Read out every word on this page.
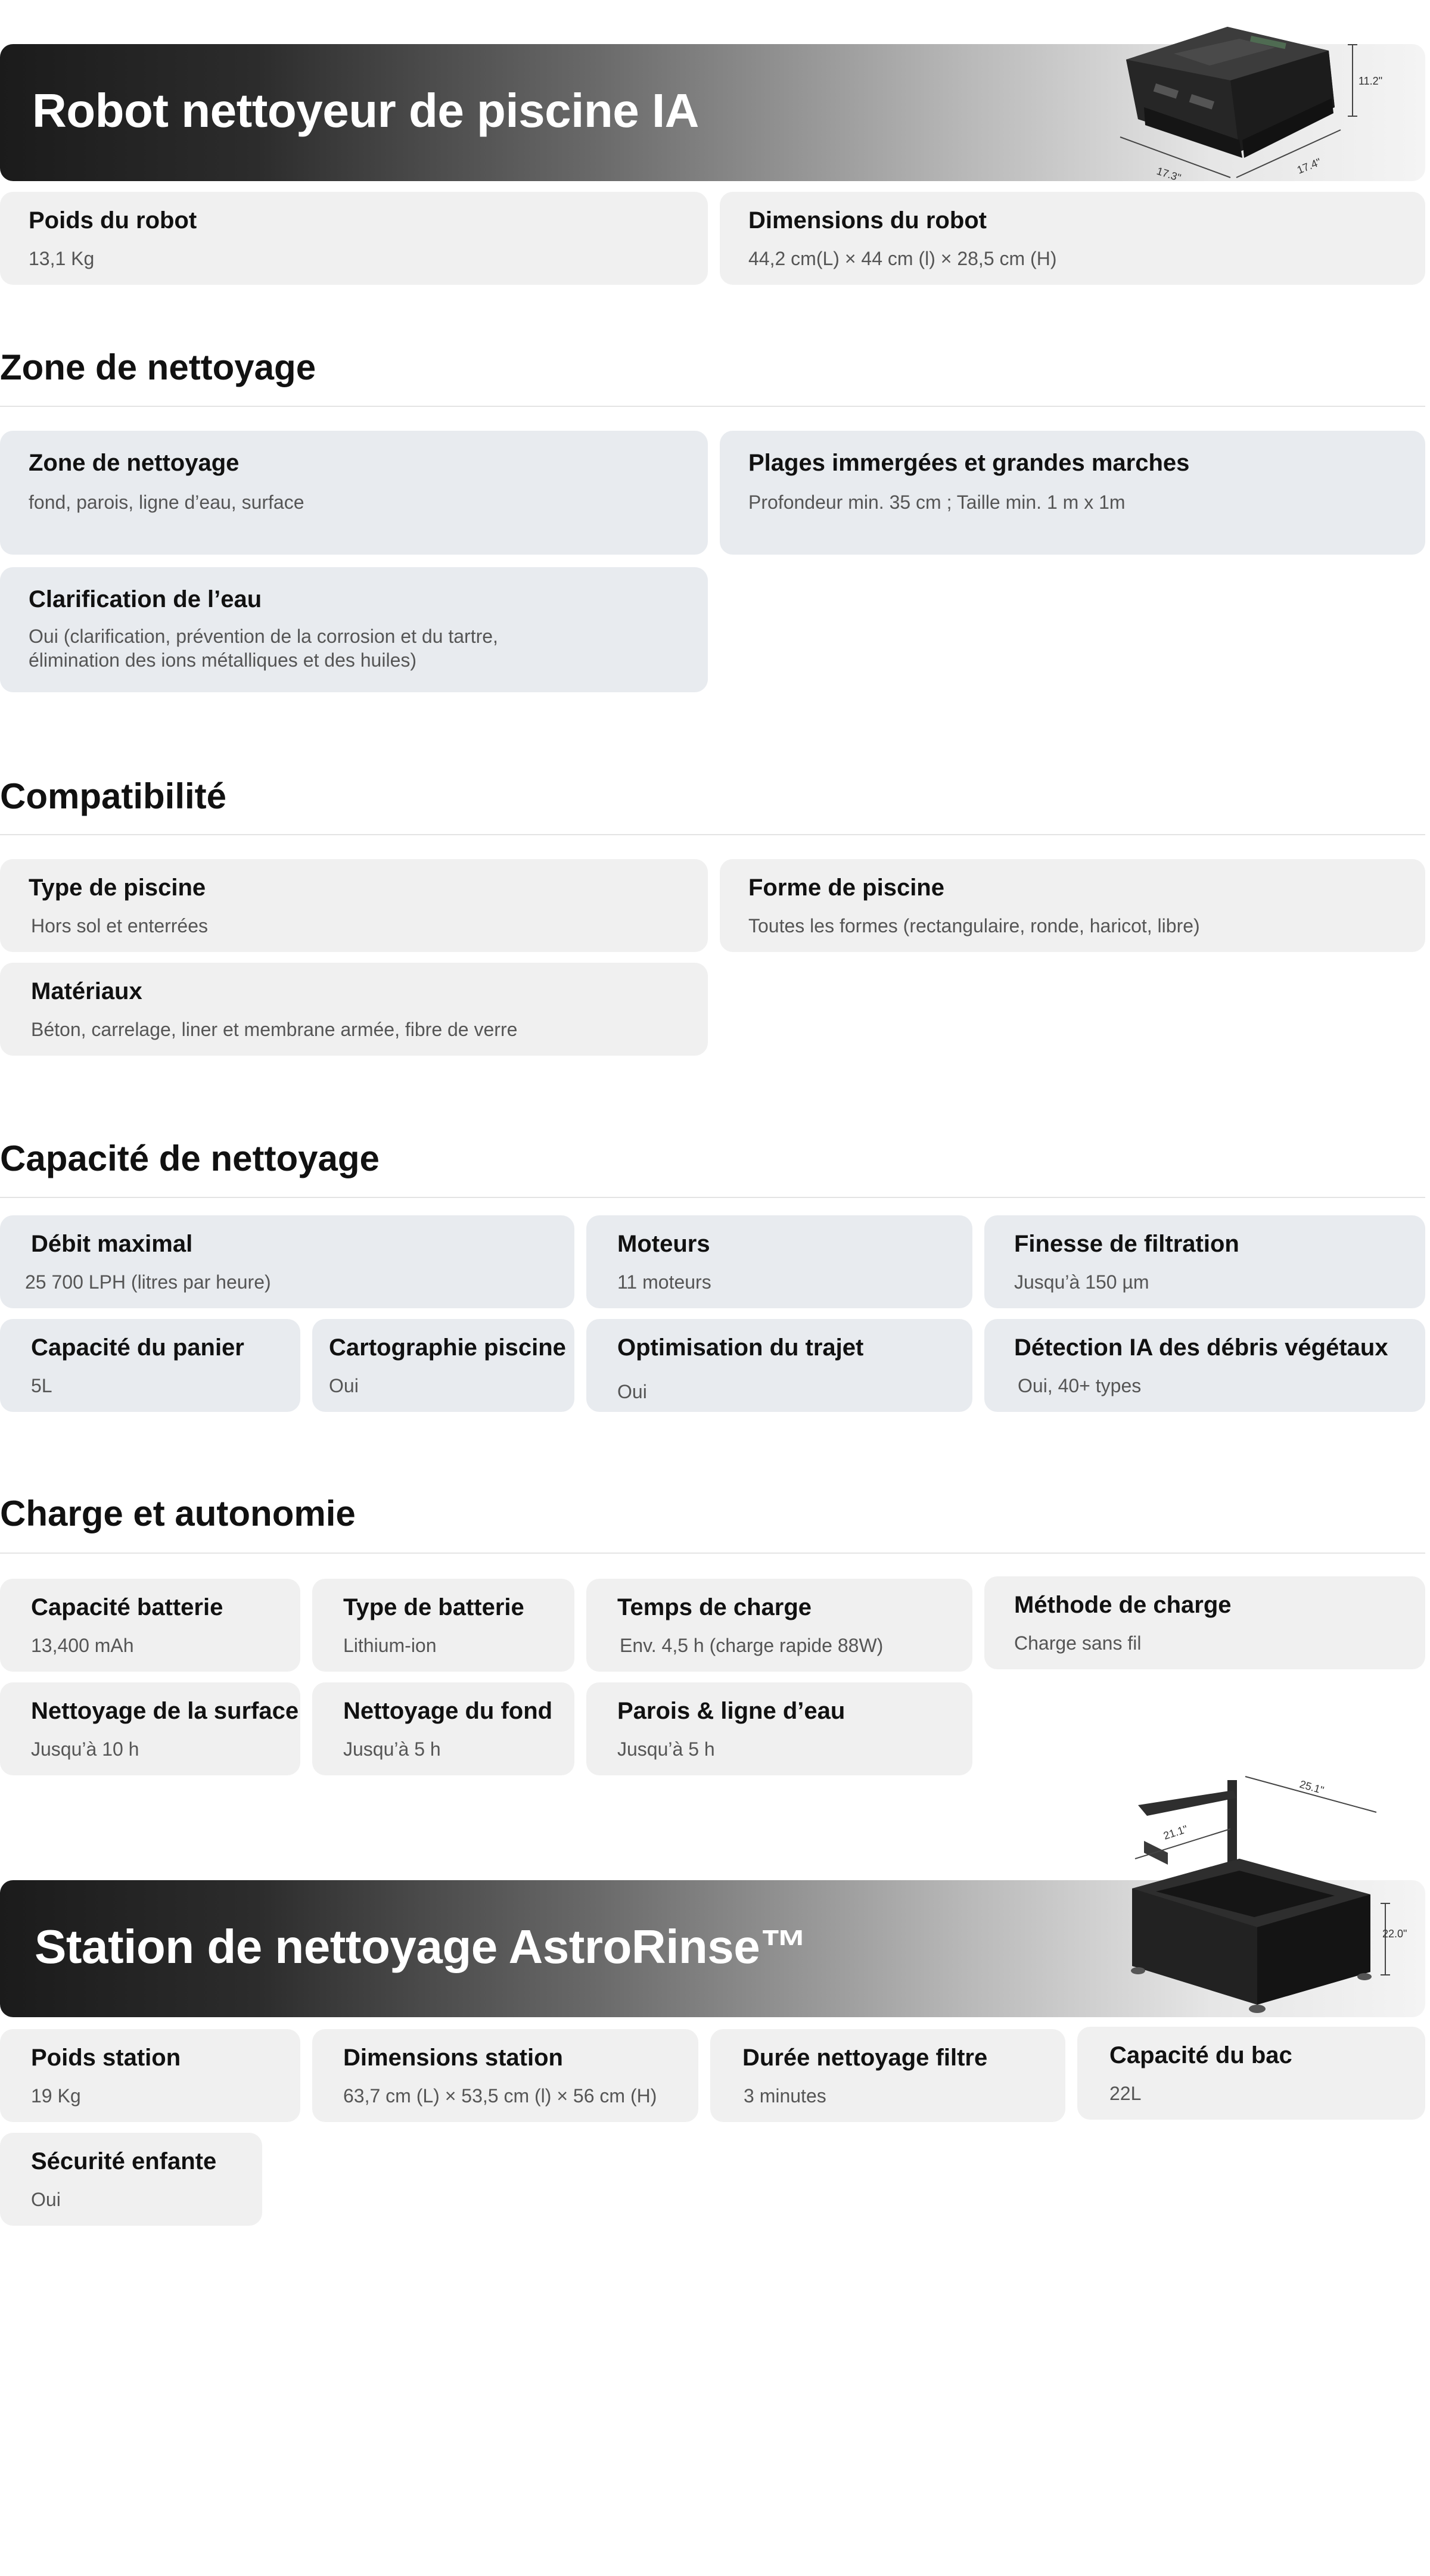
Robot nettoyeur de piscine IA
11.2"
17.3"	17.4"
Poids du robot
13,1 Kg
Dimensions du robot
44,2 cm(L) × 44 cm (l) × 28,5 cm (H)
Zone de nettoyage
Zone de nettoyage
fond, parois, ligne d’eau, surface
Plages immergées et grandes marches
Profondeur min. 35 cm ; Taille min. 1 m x 1m
Clarification de l’eau
Oui (clarification, prévention de la corrosion et du tartre, élimination des ions métalliques et des huiles)
Compatibilité
Type de piscine
Hors sol et enterrées
Forme de piscine
Toutes les formes (rectangulaire, ronde, haricot, libre)
Matériaux
Béton, carrelage, liner et membrane armée, fibre de verre
Capacité de nettoyage
Débit maximal
25 700 LPH (litres par heure)
Moteurs
11 moteurs
Finesse de filtration
Jusqu’à 150 µm
Capacité du panier
5L
Cartographie piscine
Oui
Optimisation du trajet
Oui
Détection IA des débris végétaux
Oui, 40+ types
Charge et autonomie
Capacité batterie
13,400 mAh
Type de batterie
Lithium-ion
Temps de charge
Env. 4,5 h (charge rapide 88W)
Méthode de charge
Charge sans fil
Nettoyage de la surface
Jusqu’à 10 h
Nettoyage du fond
Jusqu’à 5 h
Parois & ligne d’eau
Jusqu’à 5 h
Station de nettoyage AstroRinse™
25.1"
21.1"
22.0"
Poids station
19 Kg
Dimensions station
63,7 cm (L) × 53,5 cm (l) × 56 cm (H)
Durée nettoyage filtre
3 minutes
Capacité du bac
22L
Sécurité enfante
Oui
